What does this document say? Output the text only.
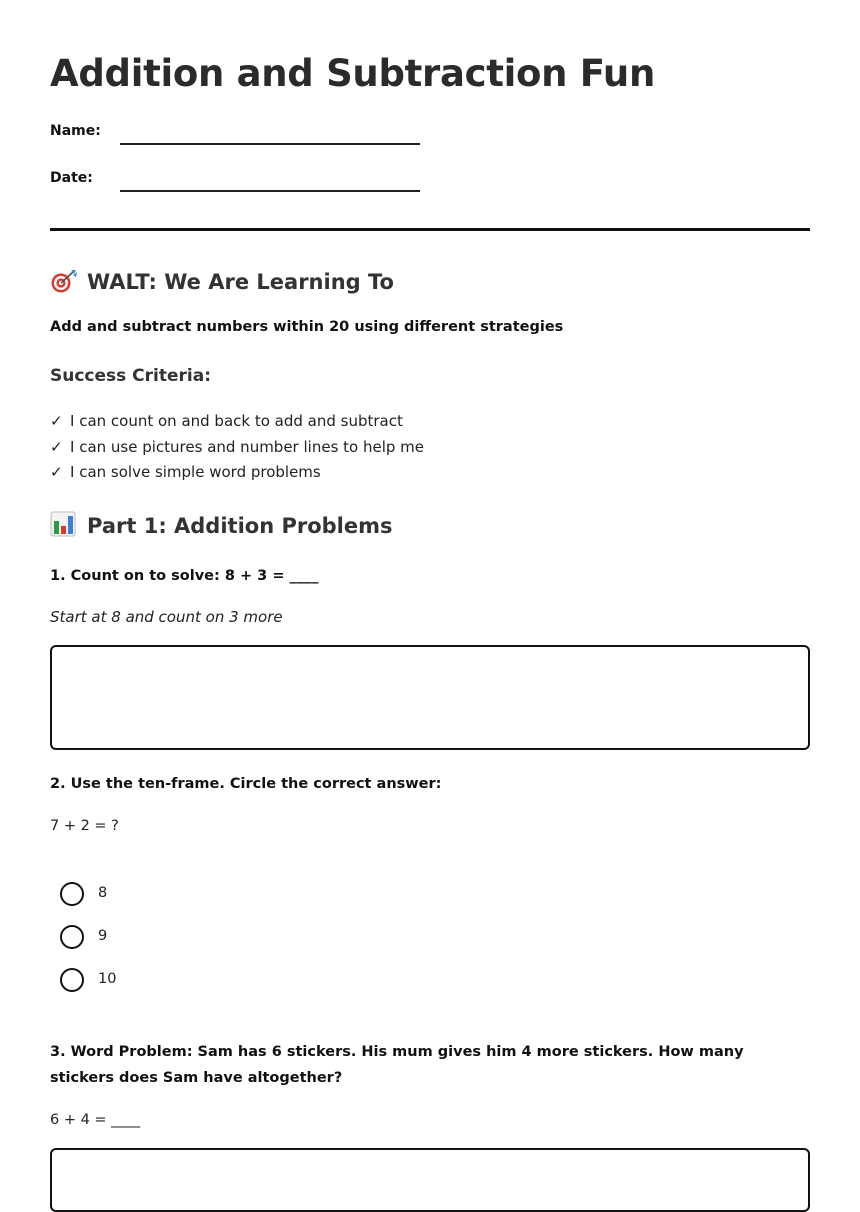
Addition and Subtraction Fun
Name:
Date:
WALT: We Are Learning To
Add and subtract numbers within 20 using different strategies
Success Criteria:
✓ I can count on and back to add and subtract
✓ I can use pictures and number lines to help me
✓ I can solve simple word problems
Part 1: Addition Problems
1. Count on to solve: 8 + 3 = ____
Start at 8 and count on 3 more
2. Use the ten-frame. Circle the correct answer:
7 + 2 = ?
8
9
10
3. Word Problem: Sam has 6 stickers. His mum gives him 4 more stickers. How many stickers does Sam have altogether?
6 + 4 = ____
